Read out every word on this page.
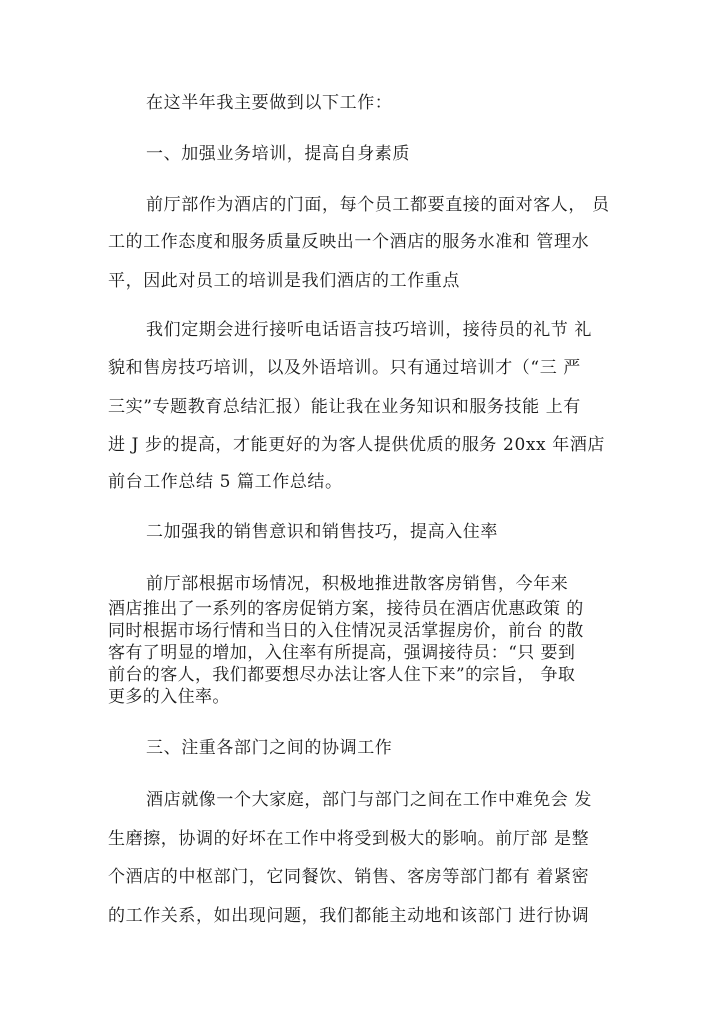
在这半年我主要做到以下工作：
一、加强业务培训，提高自身素质
前厅部作为酒店的门面，每个员工都要直接的面对客人， 员
工的工作态度和服务质量反映出一个酒店的服务水准和 管理水
平，因此对员工的培训是我们酒店的工作重点
我们定期会进行接听电话语言技巧培训，接待员的礼节 礼
貌和售房技巧培训，以及外语培训。只有通过培训才（“三 严
三实”专题教育总结汇报）能让我在业务知识和服务技能 上有
进 J 步的提高，才能更好的为客人提供优质的服务 20xx 年酒店
前台工作总结 5 篇工作总结。
二加强我的销售意识和销售技巧，提高入住率
前厅部根据市场情况，积极地推进散客房销售，今年来
酒店推出了一系列的客房促销方案，接待员在酒店优惠政策 的
同时根据市场行情和当日的入住情况灵活掌握房价，前台 的散
客有了明显的增加，入住率有所提高，强调接待员：“只 要到
前台的客人，我们都要想尽办法让客人住下来”的宗旨， 争取
更多的入住率。
三、注重各部门之间的协调工作
酒店就像一个大家庭，部门与部门之间在工作中难免会 发
生磨擦，协调的好坏在工作中将受到极大的影响。前厅部 是整
个酒店的中枢部门，它同餐饮、销售、客房等部门都有 着紧密
的工作关系，如出现问题，我们都能主动地和该部门 进行协调
